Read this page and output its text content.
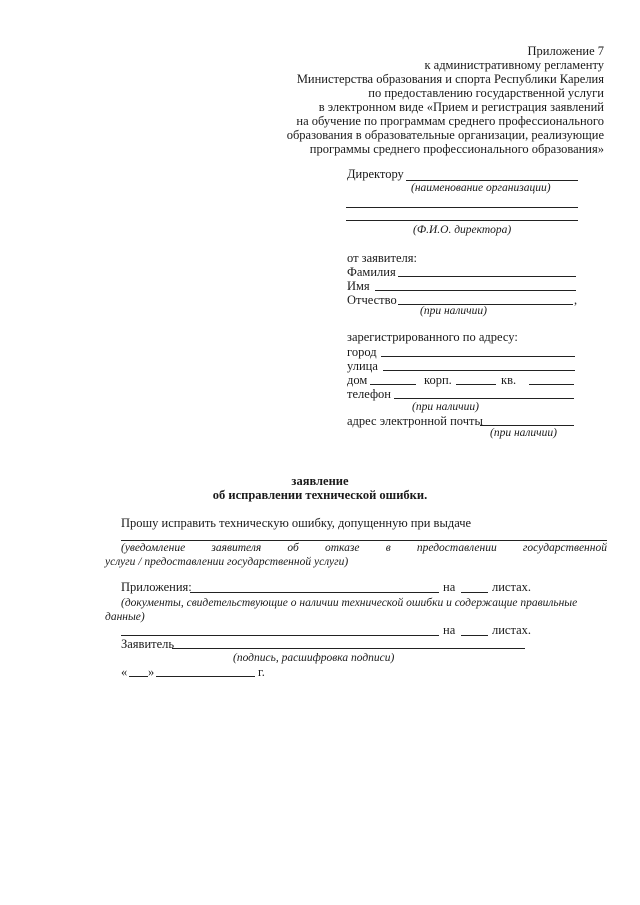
Приложение 7
к административному регламенту
Министерства образования и спорта Республики Карелия
по предоставлению государственной услуги
в электронном виде «Прием и регистрация заявлений
на обучение по программам среднего профессионального
образования в образовательные организации, реализующие
программы среднего профессионального образования»
Директору
(наименование организации)
(Ф.И.О. директора)
от заявителя:
Фамилия
Имя
Отчество	,
(при наличии)
зарегистрированного по адресу:
город
улица
дом	корп.	кв.
телефон
(при наличии)
адрес электронной почты
(при наличии)
заявление
об исправлении технической ошибки.
Прошу исправить техническую ошибку, допущенную при выдаче
(уведомление заявителя об отказе в предоставлении государственной
услуги / предоставлении государственной услуги)
Приложения:	на	листах.
(документы, свидетельствующие о наличии технической ошибки и содержащие правильные
данные)
на	листах.
Заявитель
(подпись, расшифровка подписи)
« »	г.
